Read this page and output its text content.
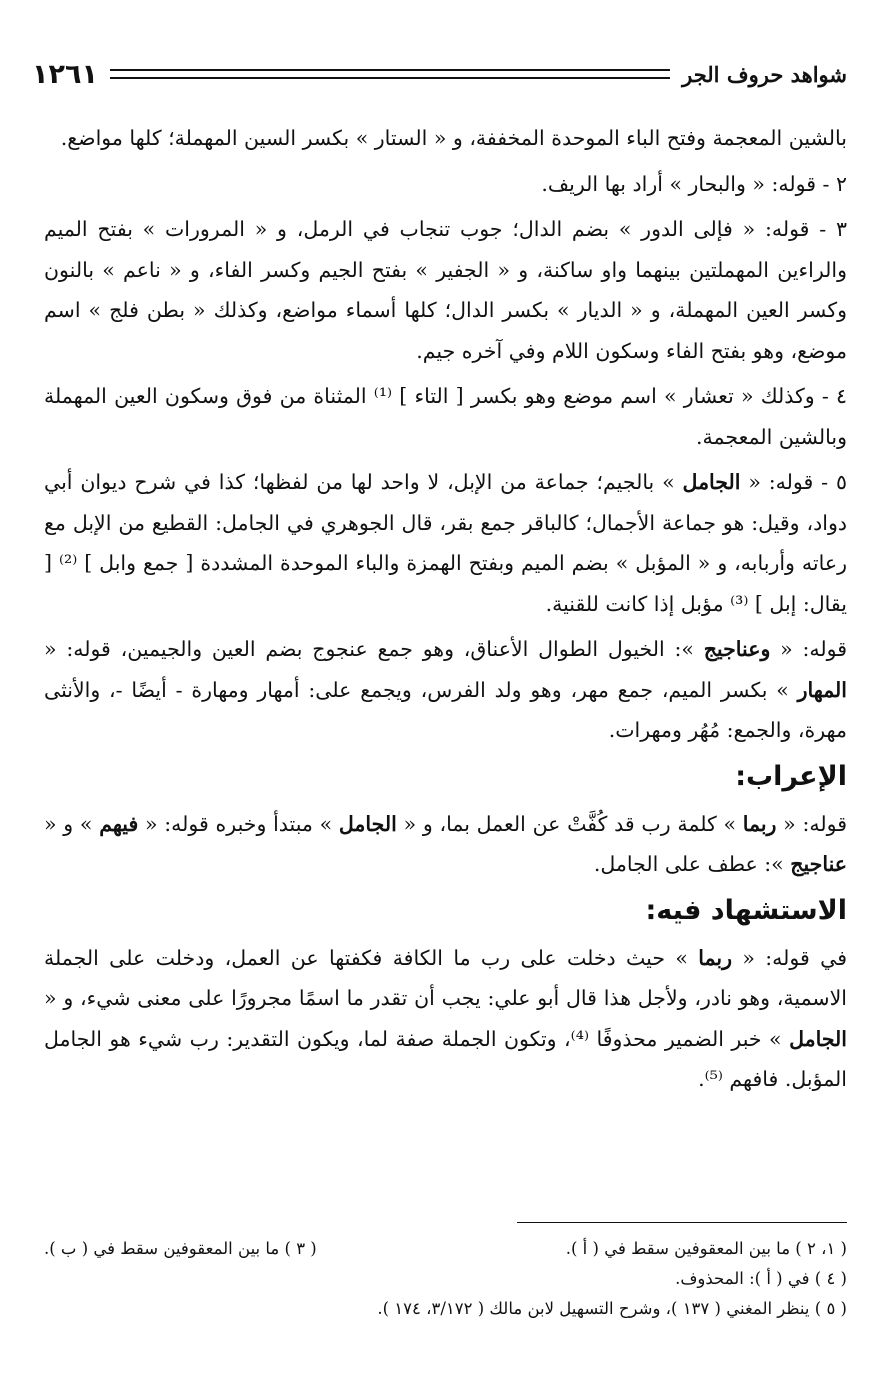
شواهد حروف الجر
١٢٦١

بالشين المعجمة وفتح الباء الموحدة المخففة، و « الستار » بكسر السين المهملة؛ كلها مواضع.

٢ - قوله: « والبحار » أراد بها الريف.

٣ - قوله: « فإلى الدور » بضم الدال؛ جوب تنجاب في الرمل، و « المرورات » بفتح الميم والراءين المهملتين بينهما واو ساكنة، و « الجفير » بفتح الجيم وكسر الفاء، و « ناعم » بالنون وكسر العين المهملة، و « الديار » بكسر الدال؛ كلها أسماء مواضع، وكذلك « بطن فلج » اسم موضع، وهو بفتح الفاء وسكون اللام وفي آخره جيم.

٤ - وكذلك « تعشار » اسم موضع وهو بكسر [ التاء ] ⁽¹⁾ المثناة من فوق وسكون العين المهملة وبالشين المعجمة.

٥ - قوله: « الجامل » بالجيم؛ جماعة من الإبل، لا واحد لها من لفظها؛ كذا في شرح ديوان أبي دواد، وقيل: هو جماعة الأجمال؛ كالباقر جمع بقر، قال الجوهري في الجامل: القطيع من الإبل مع رعاته وأربابه، و « المؤبل » بضم الميم وبفتح الهمزة والباء الموحدة المشددة [ جمع وابل ] ⁽²⁾ [ يقال: إبل ] ⁽³⁾ مؤبل إذا كانت للقنية.

قوله: « وعناجيج »: الخيول الطوال الأعناق، وهو جمع عنجوج بضم العين والجيمين، قوله: « المهار » بكسر الميم، جمع مهر، وهو ولد الفرس، ويجمع على: أمهار ومهارة - أيضًا -، والأنثى مهرة، والجمع: مُهُر ومهرات.

الإعراب:

قوله: « ربما » كلمة رب قد كُفَّتْ عن العمل بما، و « الجامل » مبتدأ وخبره قوله: « فيهم » و « عناجيج »: عطف على الجامل.

الاستشهاد فيه:

في قوله: « ربما » حيث دخلت على رب ما الكافة فكفتها عن العمل، ودخلت على الجملة الاسمية، وهو نادر، ولأجل هذا قال أبو علي: يجب أن تقدر ما اسمًا مجرورًا على معنى شيء، و « الجامل » خبر الضمير محذوفًا ⁽⁴⁾، وتكون الجملة صفة لما، ويكون التقدير: رب شيء هو الجامل المؤبل. فافهم ⁽⁵⁾.

( ١، ٢ ) ما بين المعقوفين سقط في ( أ ).
( ٣ ) ما بين المعقوفين سقط في ( ب ).
( ٤ ) في ( أ ): المحذوف.
( ٥ ) ينظر المغني ( ١٣٧ )، وشرح التسهيل لابن مالك ( ٣/١٧٢، ١٧٤ ).
